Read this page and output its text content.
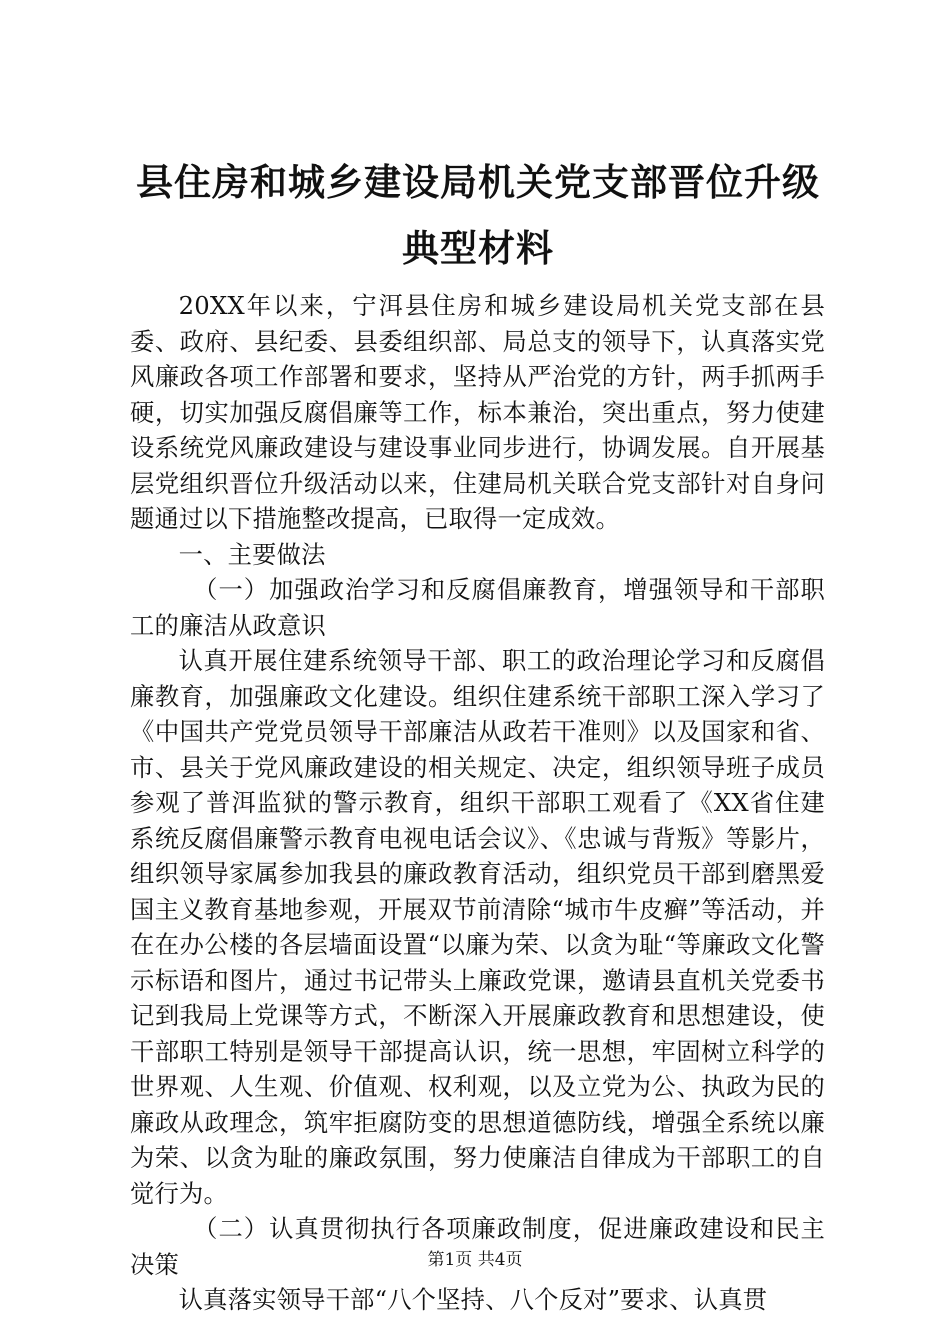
县住房和城乡建设局机关党支部晋位升级典型材料

20XX年以来，宁洱县住房和城乡建设局机关党支部在县委、政府、县纪委、县委组织部、局总支的领导下，认真落实党风廉政各项工作部署和要求，坚持从严治党的方针，两手抓两手硬，切实加强反腐倡廉等工作，标本兼治，突出重点，努力使建设系统党风廉政建设与建设事业同步进行，协调发展。自开展基层党组织晋位升级活动以来，住建局机关联合党支部针对自身问题通过以下措施整改提高，已取得一定成效。

一、主要做法

（一）加强政治学习和反腐倡廉教育，增强领导和干部职工的廉洁从政意识

认真开展住建系统领导干部、职工的政治理论学习和反腐倡廉教育，加强廉政文化建设。组织住建系统干部职工深入学习了《中国共产党党员领导干部廉洁从政若干准则》以及国家和省、市、县关于党风廉政建设的相关规定、决定，组织领导班子成员参观了普洱监狱的警示教育，组织干部职工观看了《XX省住建系统反腐倡廉警示教育电视电话会议》、《忠诚与背叛》等影片，组织领导家属参加我县的廉政教育活动，组织党员干部到磨黑爱国主义教育基地参观，开展双节前清除“城市牛皮癣”等活动，并在在办公楼的各层墙面设置“以廉为荣、以贪为耻“等廉政文化警示标语和图片，通过书记带头上廉政党课，邀请县直机关党委书记到我局上党课等方式，不断深入开展廉政教育和思想建设，使干部职工特别是领导干部提高认识，统一思想，牢固树立科学的世界观、人生观、价值观、权利观，以及立党为公、执政为民的廉政从政理念，筑牢拒腐防变的思想道德防线，增强全系统以廉为荣、以贪为耻的廉政氛围，努力使廉洁自律成为干部职工的自觉行为。

（二）认真贯彻执行各项廉政制度，促进廉政建设和民主决策

认真落实领导干部“八个坚持、八个反对”要求、认真贯

第1页 共4页
